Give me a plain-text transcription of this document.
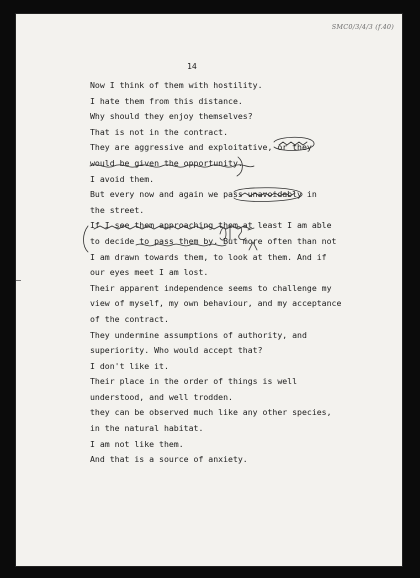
SMC0/3/4/3 (f.40)
14
Now I think of them with hostility.
I hate them from this distance.
Why should they enjoy themselves?
That is not in the contract.
They are aggressive and exploitative, or they
would be given the opportunity.
I avoid them.
But every now and again we pass unavoidably in
the street.
If I see them approaching them at least I am able
to decide to pass them by. But more often than not
I am drawn towards them, to look at them. And if
our eyes meet I am lost.
Their apparent independence seems to challenge my
view of myself, my own behaviour, and my acceptance
of the contract.
They undermine assumptions of authority, and
superiority. Who would accept that?
I don't like it.
Their place in the order of things is well
understood, and well trodden.
they can be observed much like any other species,
in the natural habitat.
I am not like them.
And that is a source of anxiety.
